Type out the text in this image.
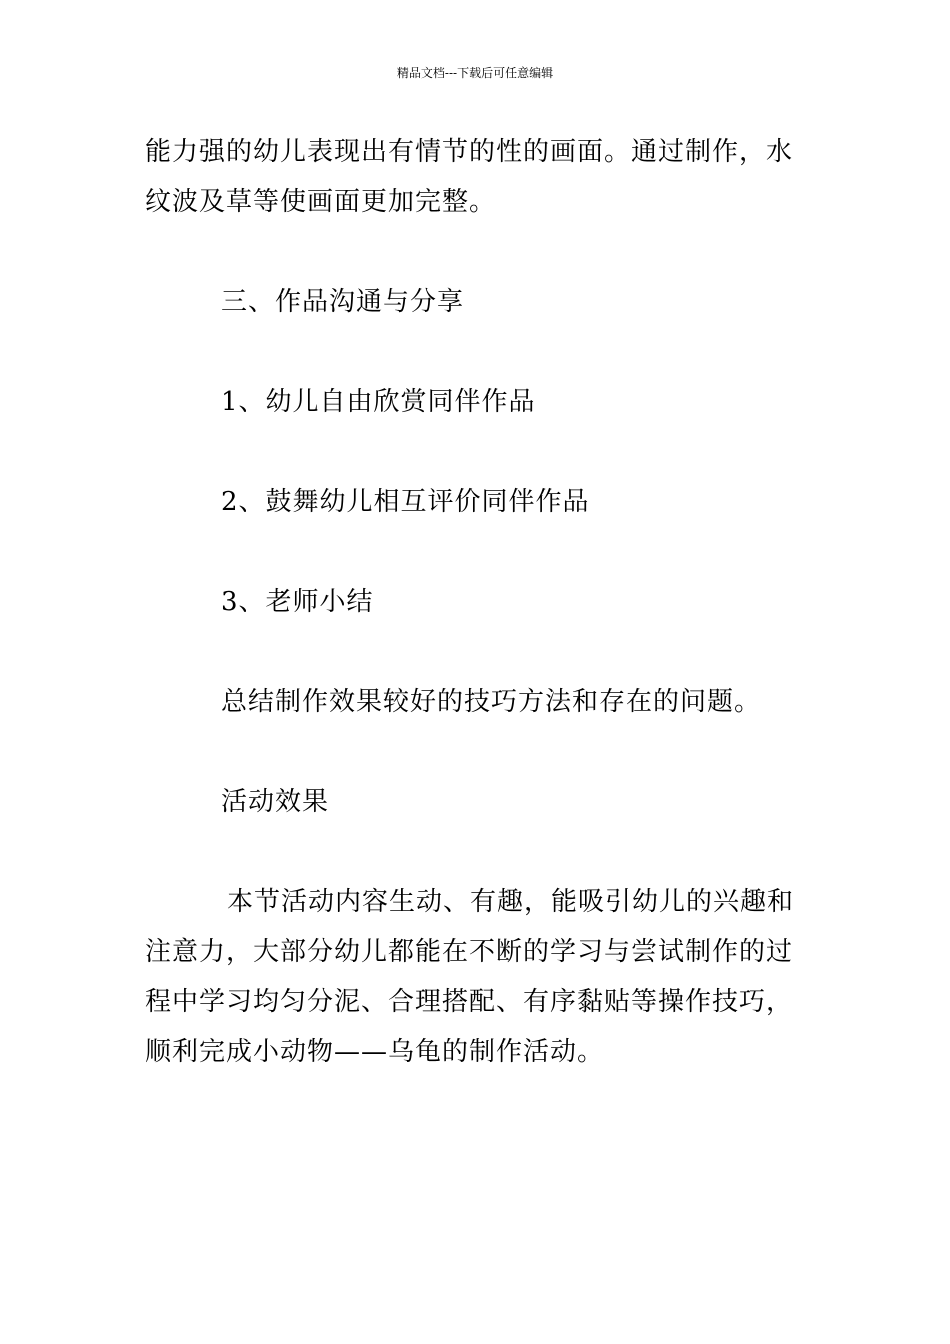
精品文档---下载后可任意编辑

能力强的幼儿表现出有情节的性的画面。通过制作，水纹波及草等使画面更加完整。

三、作品沟通与分享

1、幼儿自由欣赏同伴作品

2、鼓舞幼儿相互评价同伴作品

3、老师小结

总结制作效果较好的技巧方法和存在的问题。

活动效果

本节活动内容生动、有趣，能吸引幼儿的兴趣和注意力，大部分幼儿都能在不断的学习与尝试制作的过程中学习均匀分泥、合理搭配、有序黏贴等操作技巧，顺利完成小动物——乌龟的制作活动。
